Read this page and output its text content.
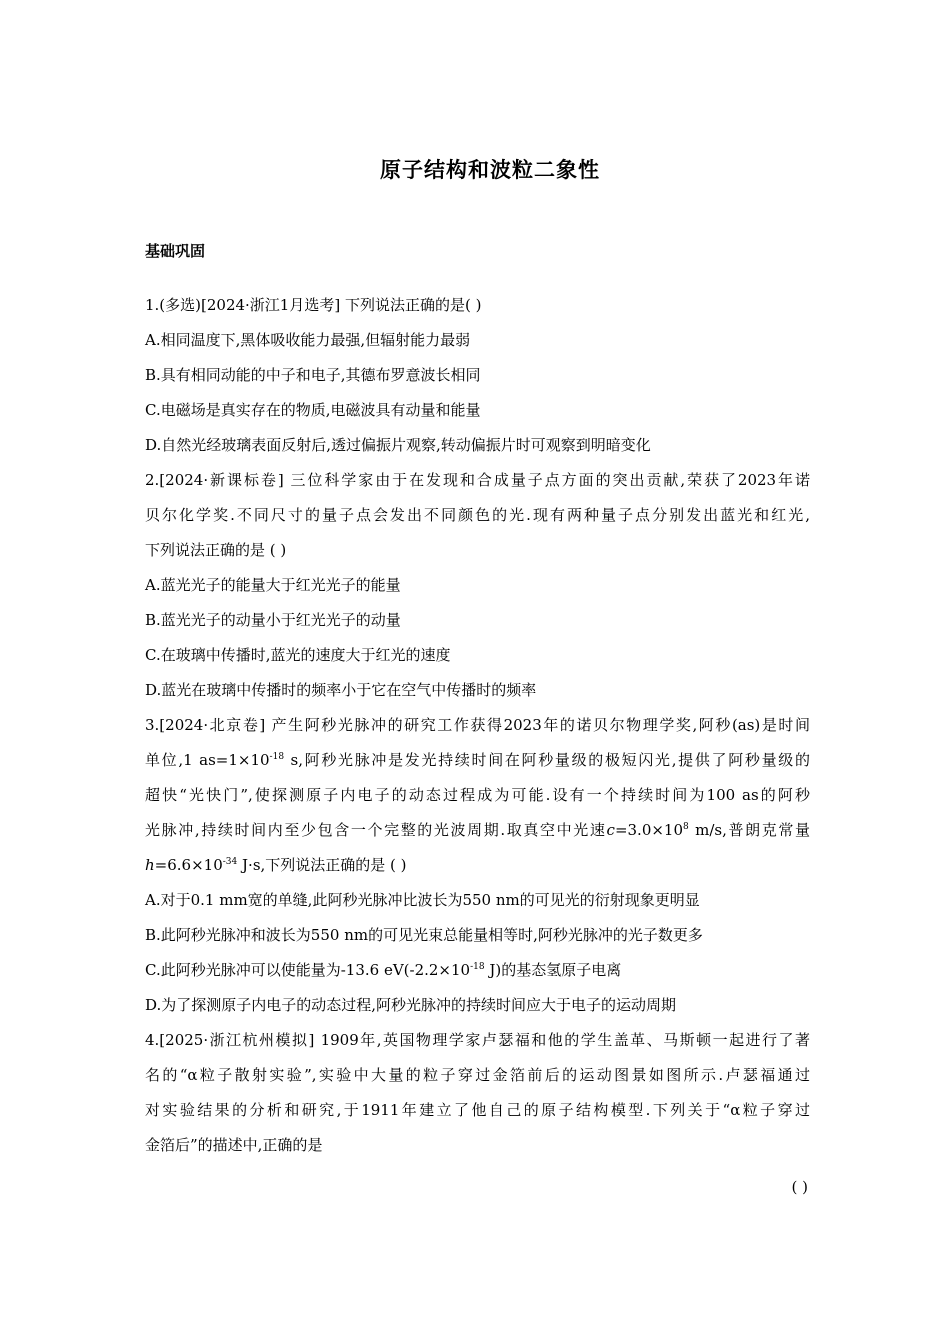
原子结构和波粒二象性
基础巩固
1.(多选)[2024·浙江1月选考] 下列说法正确的是( )
A.相同温度下,黑体吸收能力最强,但辐射能力最弱
B.具有相同动能的中子和电子,其德布罗意波长相同
C.电磁场是真实存在的物质,电磁波具有动量和能量
D.自然光经玻璃表面反射后,透过偏振片观察,转动偏振片时可观察到明暗变化
2.[2024·新课标卷] 三位科学家由于在发现和合成量子点方面的突出贡献,荣获了2023年诺
贝尔化学奖.不同尺寸的量子点会发出不同颜色的光.现有两种量子点分别发出蓝光和红光,
下列说法正确的是 ( )
A.蓝光光子的能量大于红光光子的能量
B.蓝光光子的动量小于红光光子的动量
C.在玻璃中传播时,蓝光的速度大于红光的速度
D.蓝光在玻璃中传播时的频率小于它在空气中传播时的频率
3.[2024·北京卷] 产生阿秒光脉冲的研究工作获得2023年的诺贝尔物理学奖,阿秒(as)是时间
单位,1 $as=1\times 10^{-18}$ s,阿秒光脉冲是发光持续时间在阿秒量级的极短闪光,提供了阿秒量级的
超快“光快门”,使探测原子内电子的动态过程成为可能.设有一个持续时间为100 as的阿秒
光脉冲,持续时间内至少包含一个完整的光波周期.取真空中光速$c=3.0\times 10^8$ m/s,普朗克常量
$h=6.6\times 10^{-34}$ J·s,下列说法正确的是 ( )
A.对于0.1 mm宽的单缝,此阿秒光脉冲比波长为550 nm的可见光的衍射现象更明显
B.此阿秒光脉冲和波长为550 nm的可见光束总能量相等时,阿秒光脉冲的光子数更多
C.此阿秒光脉冲可以使能量为-13.6 $eV(-2.2\times 10^{-18}$ J)的基态氢原子电离
D.为了探测原子内电子的动态过程,阿秒光脉冲的持续时间应大于电子的运动周期
4.[2025·浙江杭州模拟] 1909年,英国物理学家卢瑟福和他的学生盖革、马斯顿一起进行了著
名的“α粒子散射实验”,实验中大量的粒子穿过金箔前后的运动图景如图所示.卢瑟福通过
对实验结果的分析和研究,于1911年建立了他自己的原子结构模型.下列关于“α粒子穿过
金箔后”的描述中,正确的是
( )
